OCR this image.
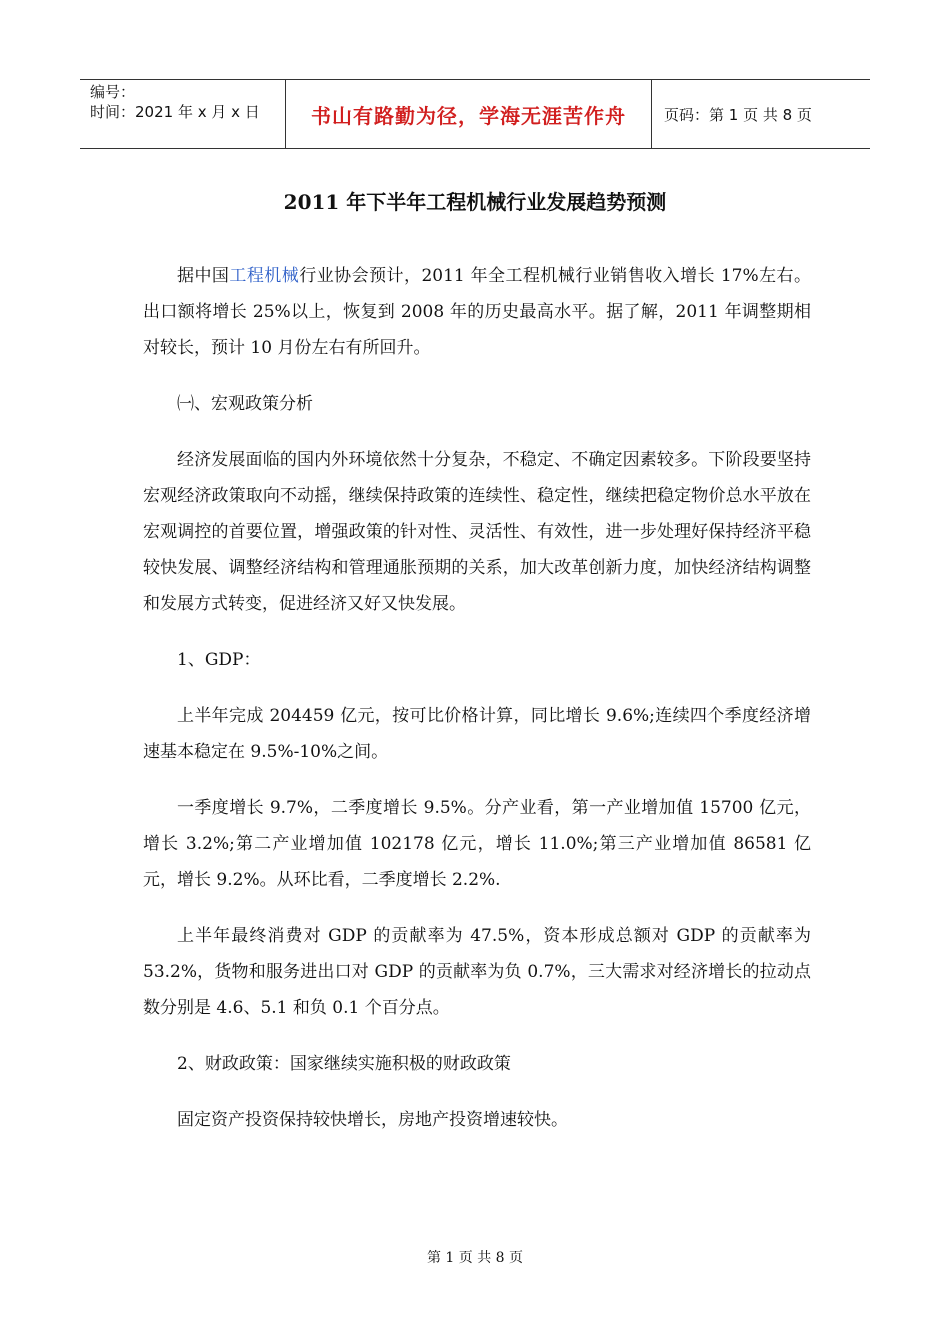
编号：
时间：2021 年 x 月 x 日	书山有路勤为径，学海无涯苦作舟	页码：第 1 页 共 8 页
2011 年下半年工程机械行业发展趋势预测

据中国工程机械行业协会预计，2011 年全工程机械行业销售收入增长 17%左右。出口额将增长 25%以上，恢复到 2008 年的历史最高水平。据了解，2011 年调整期相对较长，预计 10 月份左右有所回升。

㈠、宏观政策分析

经济发展面临的国内外环境依然十分复杂，不稳定、不确定因素较多。下阶段要坚持宏观经济政策取向不动摇，继续保持政策的连续性、稳定性，继续把稳定物价总水平放在宏观调控的首要位置，增强政策的针对性、灵活性、有效性，进一步处理好保持经济平稳较快发展、调整经济结构和管理通胀预期的关系，加大改革创新力度，加快经济结构调整和发展方式转变，促进经济又好又快发展。

1、GDP：

上半年完成 204459 亿元，按可比价格计算，同比增长 9.6%;连续四个季度经济增速基本稳定在 9.5%-10%之间。

一季度增长 9.7%，二季度增长 9.5%。分产业看，第一产业增加值 15700 亿元，增长 3.2%;第二产业增加值 102178 亿元，增长 11.0%;第三产业增加值 86581 亿元，增长 9.2%。从环比看，二季度增长 2.2%.

上半年最终消费对 GDP 的贡献率为 47.5%，资本形成总额对 GDP 的贡献率为 53.2%，货物和服务进出口对 GDP 的贡献率为负 0.7%，三大需求对经济增长的拉动点数分别是 4.6、5.1 和负 0.1 个百分点。

2、财政政策：国家继续实施积极的财政政策

固定资产投资保持较快增长，房地产投资增速较快。

第 1 页 共 8 页
